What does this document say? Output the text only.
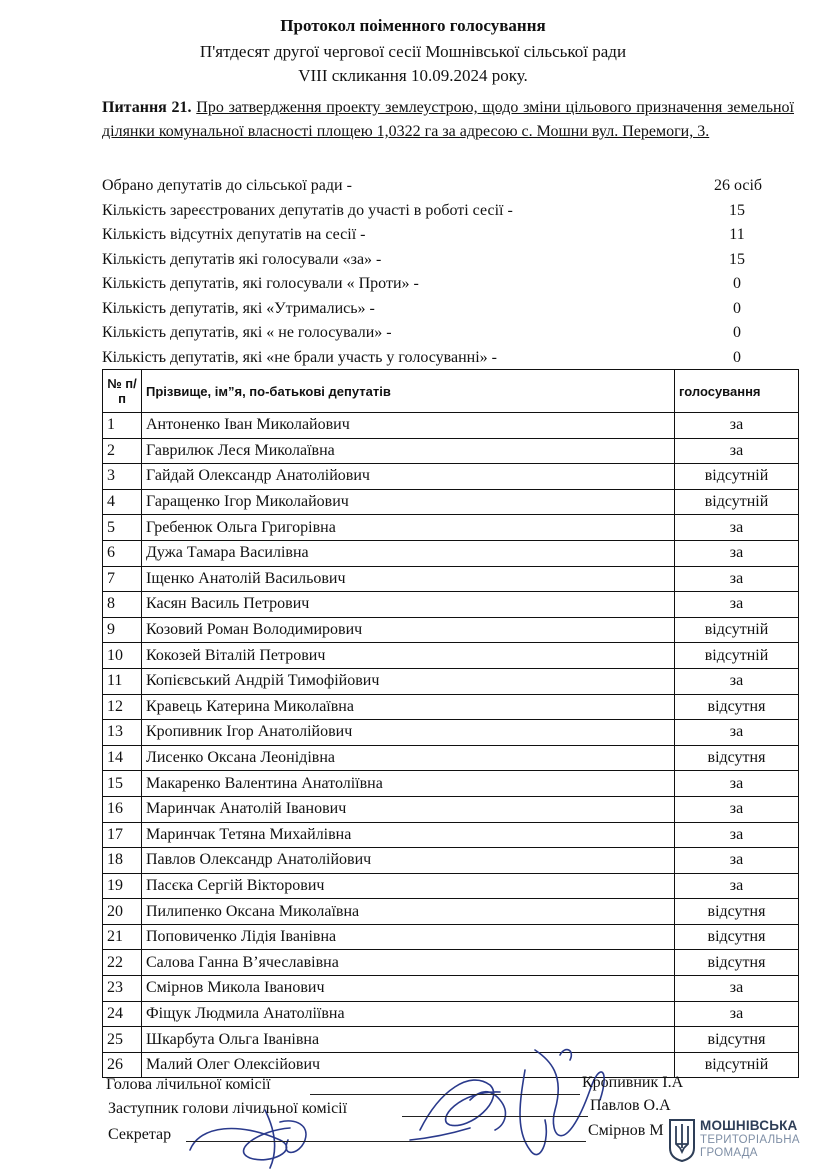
Протокол поіменного голосування
П'ятдесят другої чергової сесії Мошнівської сільської ради
VIII скликання 10.09.2024 року.
Питання 21. Про затвердження проекту землеустрою, щодо зміни цільового призначення земельної ділянки комунальної власності площею 1,0322 га за адресою с. Мошни вул. Перемоги, 3.
Обрано депутатів до сільської ради -	26 осіб
Кількість зареєстрованих депутатів до участі в роботі сесії -	15
Кількість відсутніх депутатів на сесії -	11
Кількість депутатів які голосували «за» -	15
Кількість депутатів, які голосували « Проти» -	0
Кількість депутатів, які «Утримались» -	0
Кількість депутатів, які « не голосували» -	0
Кількість депутатів, які «не брали участь у голосуванні» -	0
№ п/п	Прізвище, ім”я, по-батькові депутатів	голосування
1	Антоненко Іван Миколайович	за
2	Гаврилюк Леся Миколаївна	за
3	Гайдай Олександр Анатолійович	відсутній
4	Гаращенко Ігор Миколайович	відсутній
5	Гребенюк Ольга Григорівна	за
6	Дужа Тамара Василівна	за
7	Іщенко Анатолій Васильович	за
8	Касян Василь Петрович	за
9	Козовий Роман Володимирович	відсутній
10	Кокозей Віталій Петрович	відсутній
11	Копієвський Андрій Тимофійович	за
12	Кравець Катерина Миколаївна	відсутня
13	Кропивник Ігор Анатолійович	за
14	Лисенко Оксана Леонідівна	відсутня
15	Макаренко Валентина Анатоліївна	за
16	Маринчак Анатолій Іванович	за
17	Маринчак Тетяна Михайлівна	за
18	Павлов Олександр Анатолійович	за
19	Пасєка Сергій Вікторович	за
20	Пилипенко Оксана Миколаївна	відсутня
21	Поповиченко Лідія Іванівна	відсутня
22	Салова Ганна В’ячеславівна	відсутня
23	Смірнов Микола Іванович	за
24	Фіщук Людмила Анатоліївна	за
25	Шкарбута Ольга Іванівна	відсутня
26	Малий Олег Олексійович	відсутній
Голова лічильної комісії	Кропивник І.А
Заступник голови лічильної комісії	Павлов О.А
Секретар	Смірнов М	МОШНІВСЬКА
ТЕРИТОРІАЛЬНА
ГРОМАДА
